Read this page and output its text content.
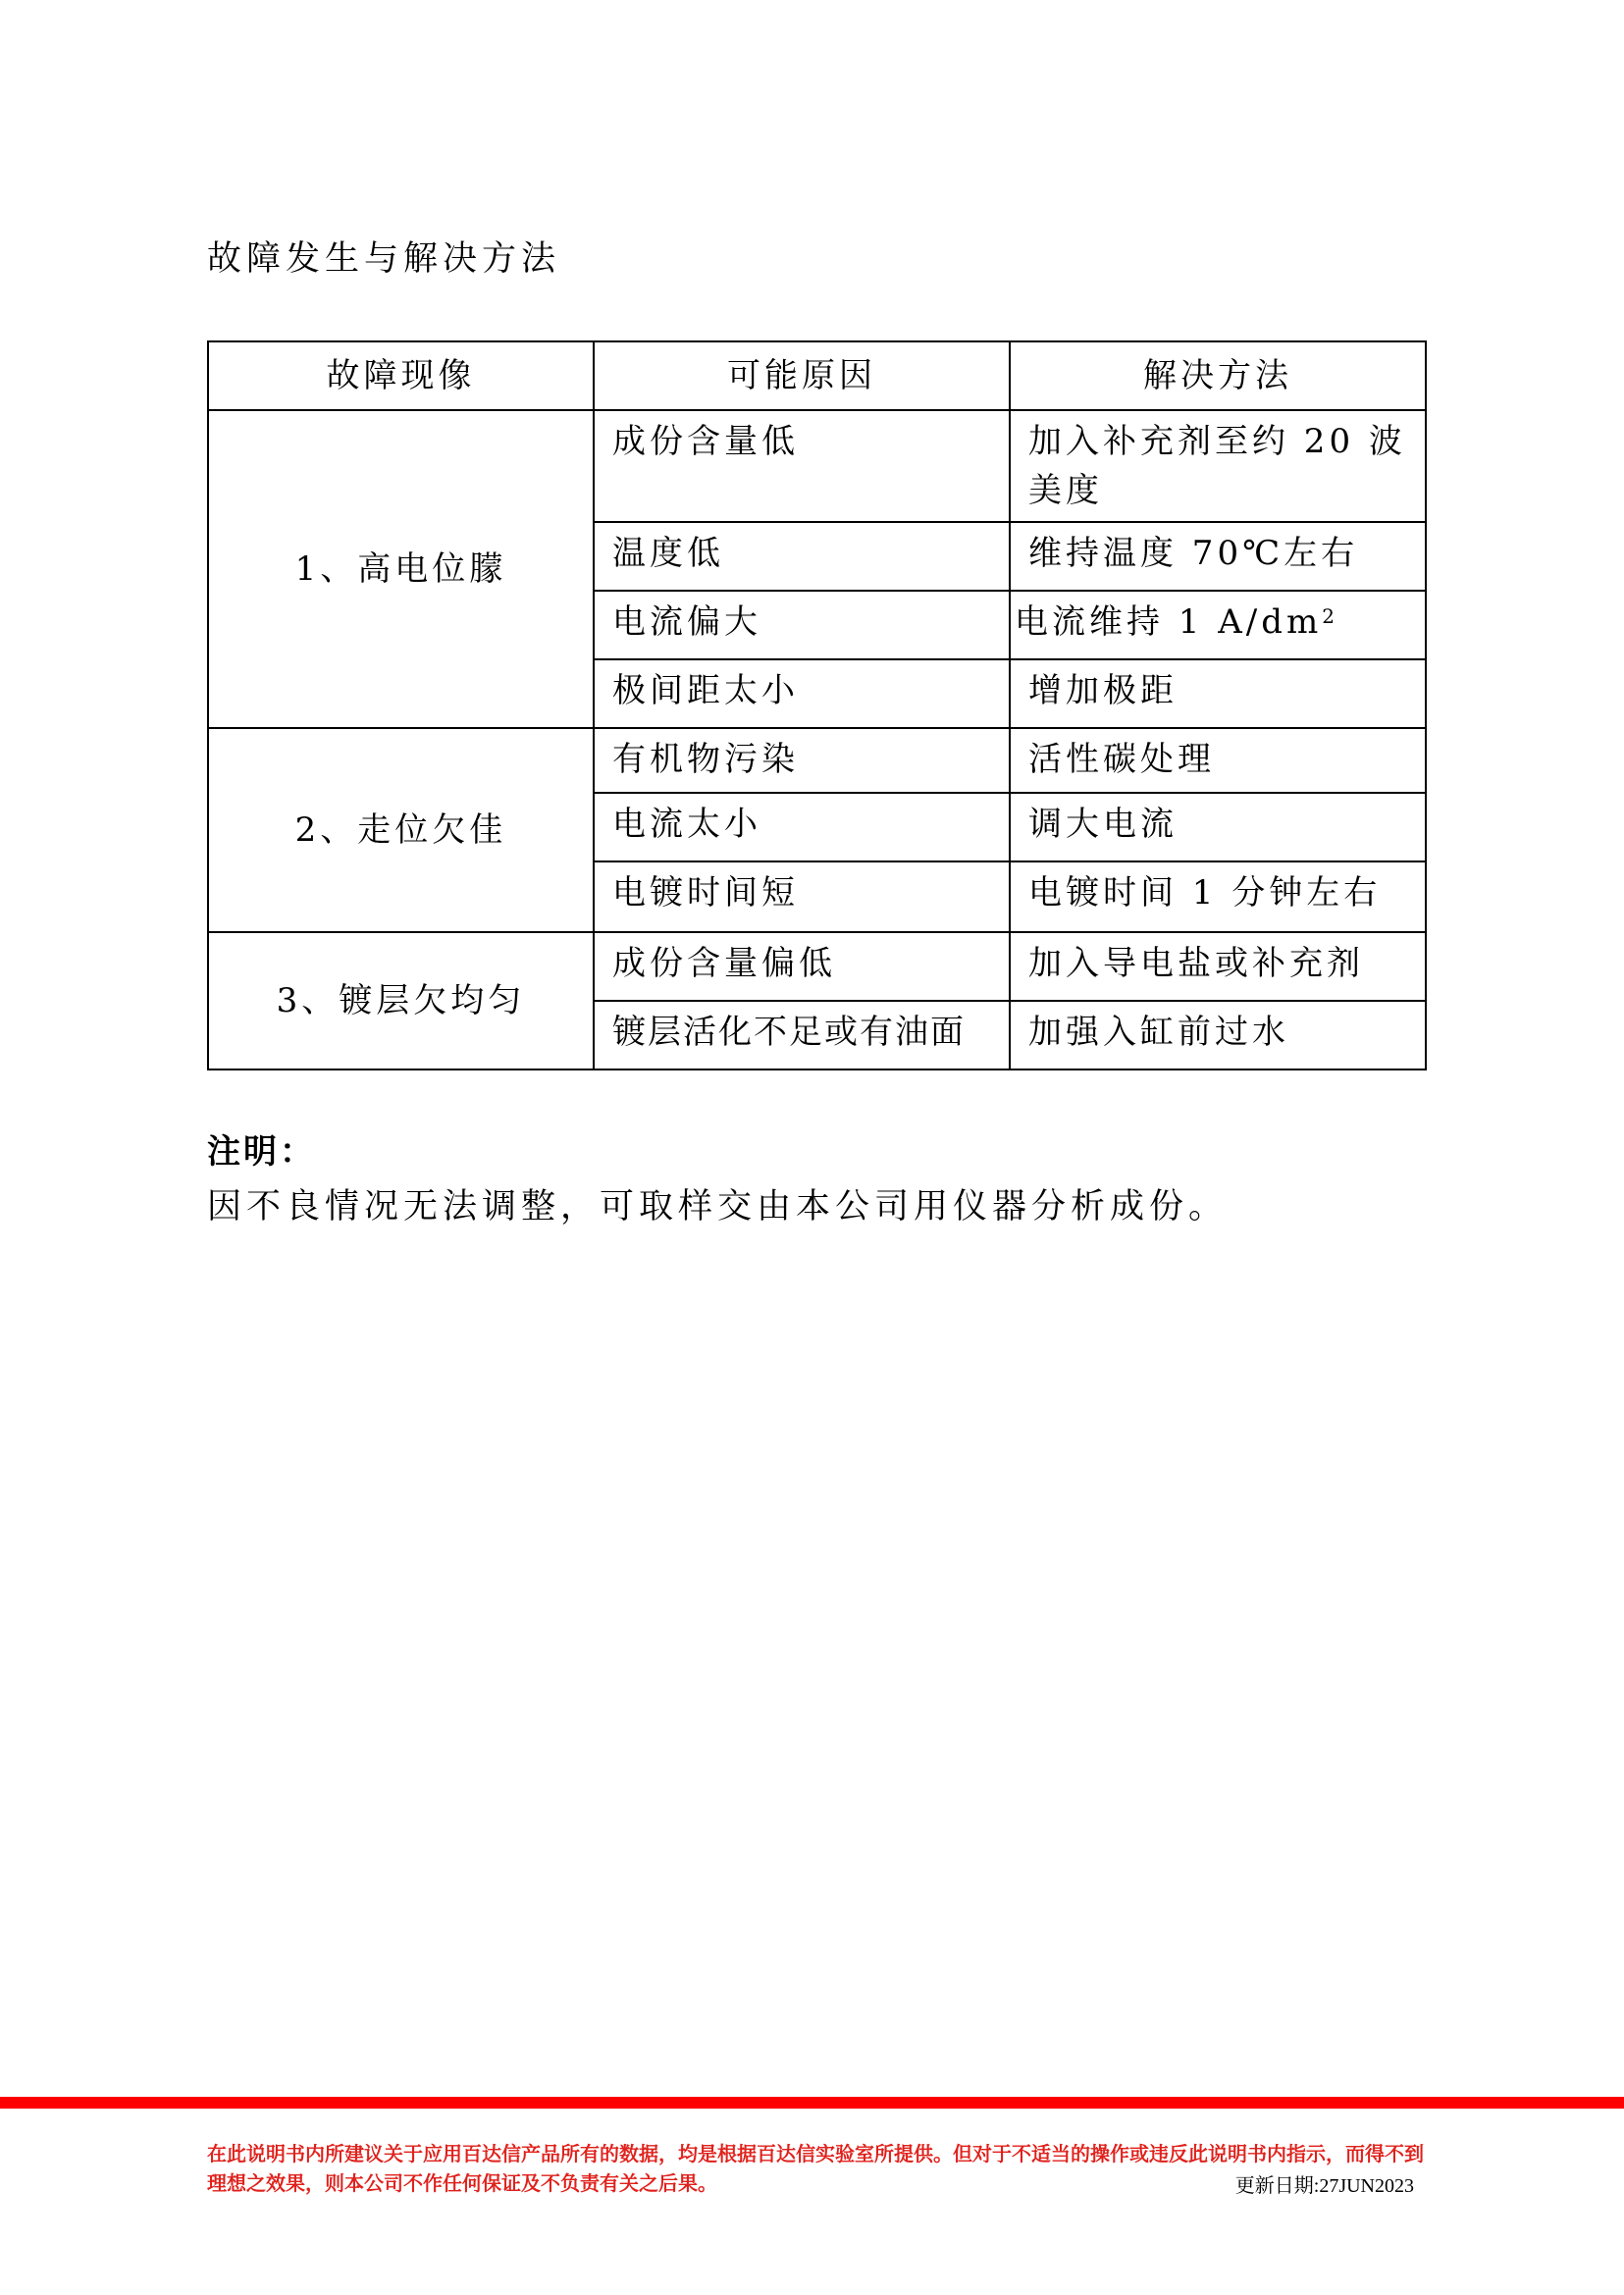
故障发生与解决方法
故障现像	可能原因	解决方法
1、高电位朦	成份含量低	加入补充剂至约 20 波美度
	温度低	维持温度 70℃左右
	电流偏大	电流维持 1 $A/dm^2$
	极间距太小	增加极距
2、走位欠佳	有机物污染	活性碳处理
	电流太小	调大电流
	电镀时间短	电镀时间 1 分钟左右
3、镀层欠均匀	成份含量偏低	加入导电盐或补充剂
	镀层活化不足或有油面	加强入缸前过水
注明：
因不良情况无法调整，可取样交由本公司用仪器分析成份。
在此说明书内所建议关于应用百达信产品所有的数据，均是根据百达信实验室所提供。但对于不适当的操作或违反此说明书内指示，而得不到理想之效果，则本公司不作任何保证及不负责有关之后果。	更新日期:27JUN2023
